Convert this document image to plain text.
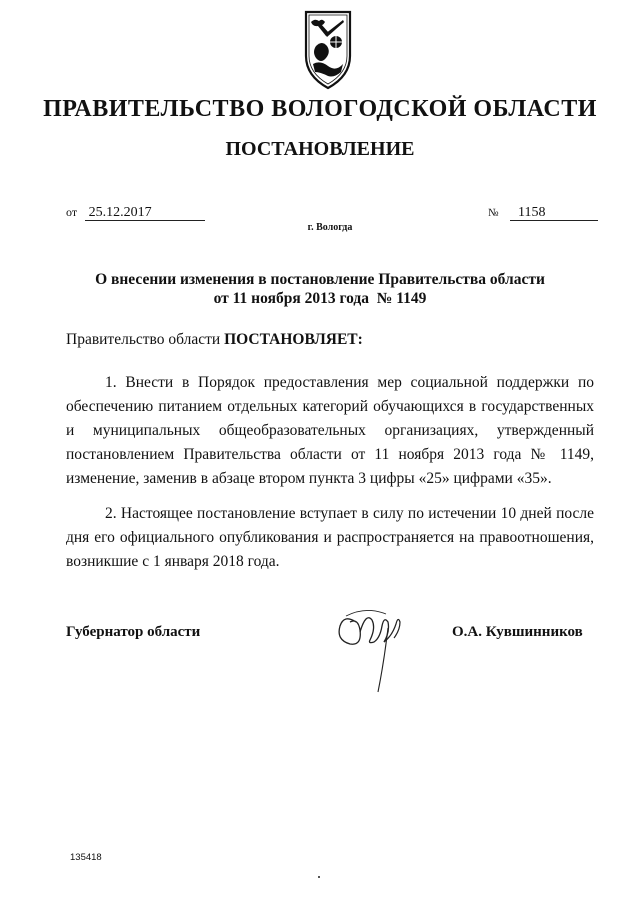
ПРАВИТЕЛЬСТВО ВОЛОГОДСКОЙ ОБЛАСТИ
ПОСТАНОВЛЕНИЕ
от 25.12.2017	№ 1158
г. Вологда
О внесении изменения в постановление Правительства области
от 11 ноября 2013 года  № 1149
Правительство области ПОСТАНОВЛЯЕТ:
1. Внести в Порядок предоставления мер социальной поддержки по обеспечению питанием отдельных категорий обучающихся в государственных и муниципальных общеобразовательных организациях, утвержденный постановлением Правительства области от 11 ноября 2013 года № 1149, изменение, заменив в абзаце втором пункта 3 цифры «25» цифрами «35».
2. Настоящее постановление вступает в силу по истечении 10 дней после дня его официального опубликования и распространяется на правоотношения, возникшие с 1 января 2018 года.
Губернатор области	О.А. Кувшинников
135418
